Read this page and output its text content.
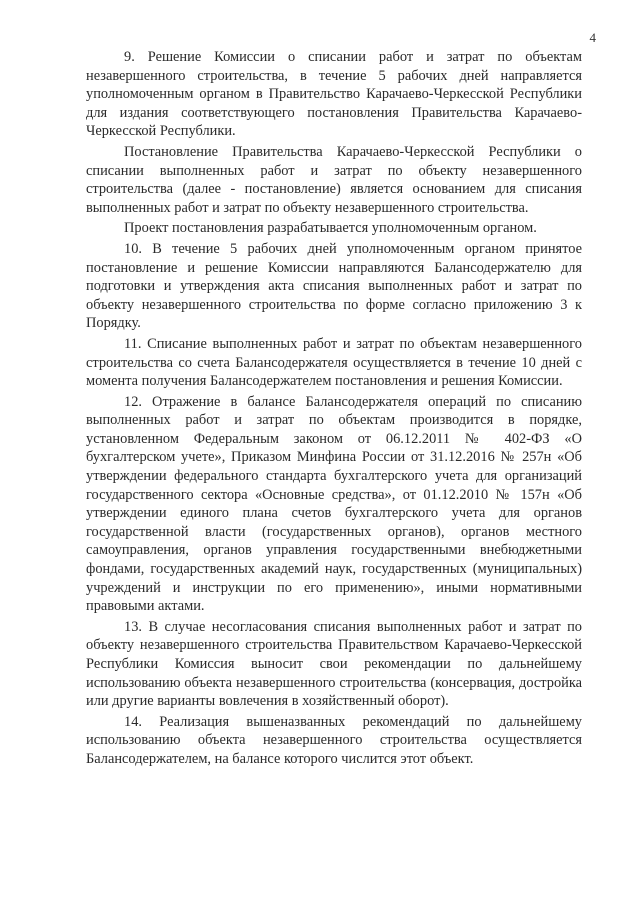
4

9. Решение Комиссии о списании работ и затрат по объектам незавершенного строительства, в течение 5 рабочих дней направляется уполномоченным органом в Правительство Карачаево-Черкесской Республики для издания соответствующего постановления Правительства Карачаево-Черкесской Республики.

Постановление Правительства Карачаево-Черкесской Республики о списании выполненных работ и затрат по объекту незавершенного строительства (далее - постановление) является основанием для списания выполненных работ и затрат по объекту незавершенного строительства.

Проект постановления разрабатывается уполномоченным органом.

10. В течение 5 рабочих дней уполномоченным органом принятое постановление и решение Комиссии направляются Балансодержателю для подготовки и утверждения акта списания выполненных работ и затрат по объекту незавершенного строительства по форме согласно приложению 3 к Порядку.

11. Списание выполненных работ и затрат по объектам незавершенного строительства со счета Балансодержателя осуществляется в течение 10 дней с момента получения Балансодержателем постановления и решения Комиссии.

12. Отражение в балансе Балансодержателя операций по списанию выполненных работ и затрат по объектам производится в порядке, установленном Федеральным законом от 06.12.2011 № 402-ФЗ «О бухгалтерском учете», Приказом Минфина России от 31.12.2016 № 257н «Об утверждении федерального стандарта бухгалтерского учета для организаций государственного сектора «Основные средства», от 01.12.2010 № 157н «Об утверждении единого плана счетов бухгалтерского учета для органов государственной власти (государственных органов), органов местного самоуправления, органов управления государственными внебюджетными фондами, государственных академий наук, государственных (муниципальных) учреждений и инструкции по его применению», иными нормативными правовыми актами.

13. В случае несогласования списания выполненных работ и затрат по объекту незавершенного строительства Правительством Карачаево-Черкесской Республики Комиссия выносит свои рекомендации по дальнейшему использованию объекта незавершенного строительства (консервация, достройка или другие варианты вовлечения в хозяйственный оборот).

14. Реализация вышеназванных рекомендаций по дальнейшему использованию объекта незавершенного строительства осуществляется Балансодержателем, на балансе которого числится этот объект.
